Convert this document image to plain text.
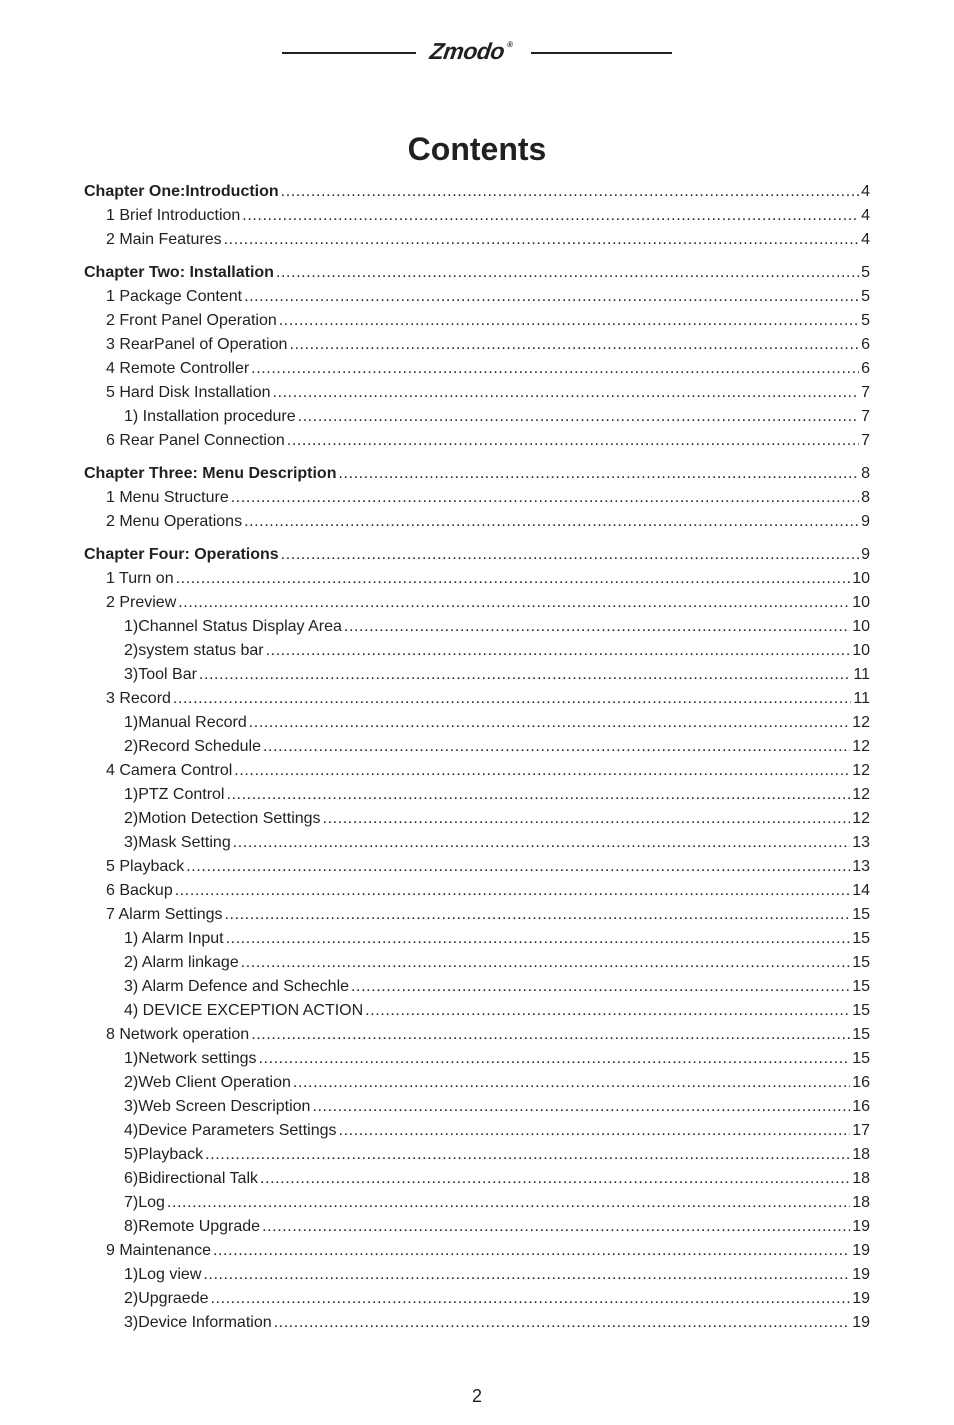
Zmodo®
Contents
Chapter One:Introduction .....	4
1 Brief Introduction .....	4
2 Main Features .....	4
Chapter Two: Installation .....	5
1 Package Content .....	5
2 Front Panel Operation .....	5
3 RearPanel of Operation .....	6
4 Remote Controller .....	6
5 Hard Disk Installation .....	7
1) Installation procedure .....	7
6 Rear Panel Connection .....	7
Chapter Three: Menu Description .....	8
1 Menu Structure .....	8
2 Menu Operations .....	9
Chapter Four: Operations .....	9
1 Turn on .....	10
2 Preview .....	10
1)Channel Status Display Area .....	10
2)system status bar .....	10
3)Tool Bar .....	11
3 Record .....	11
1)Manual Record .....	12
2)Record Schedule .....	12
4 Camera Control .....	12
1)PTZ Control .....	12
2)Motion Detection Settings .....	12
3)Mask Setting .....	13
5 Playback .....	13
6 Backup .....	14
7 Alarm Settings .....	15
1) Alarm Input .....	15
2) Alarm linkage .....	15
3) Alarm Defence and Schechle .....	15
4) DEVICE EXCEPTION ACTION .....	15
8 Network operation .....	15
1)Network settings .....	15
2)Web Client Operation .....	16
3)Web Screen Description .....	16
4)Device Parameters Settings .....	17
5)Playback .....	18
6)Bidirectional Talk .....	18
7)Log .....	18
8)Remote Upgrade .....	19
9 Maintenance .....	19
1)Log view .....	19
2)Upgraede .....	19
3)Device Information .....	19
2
